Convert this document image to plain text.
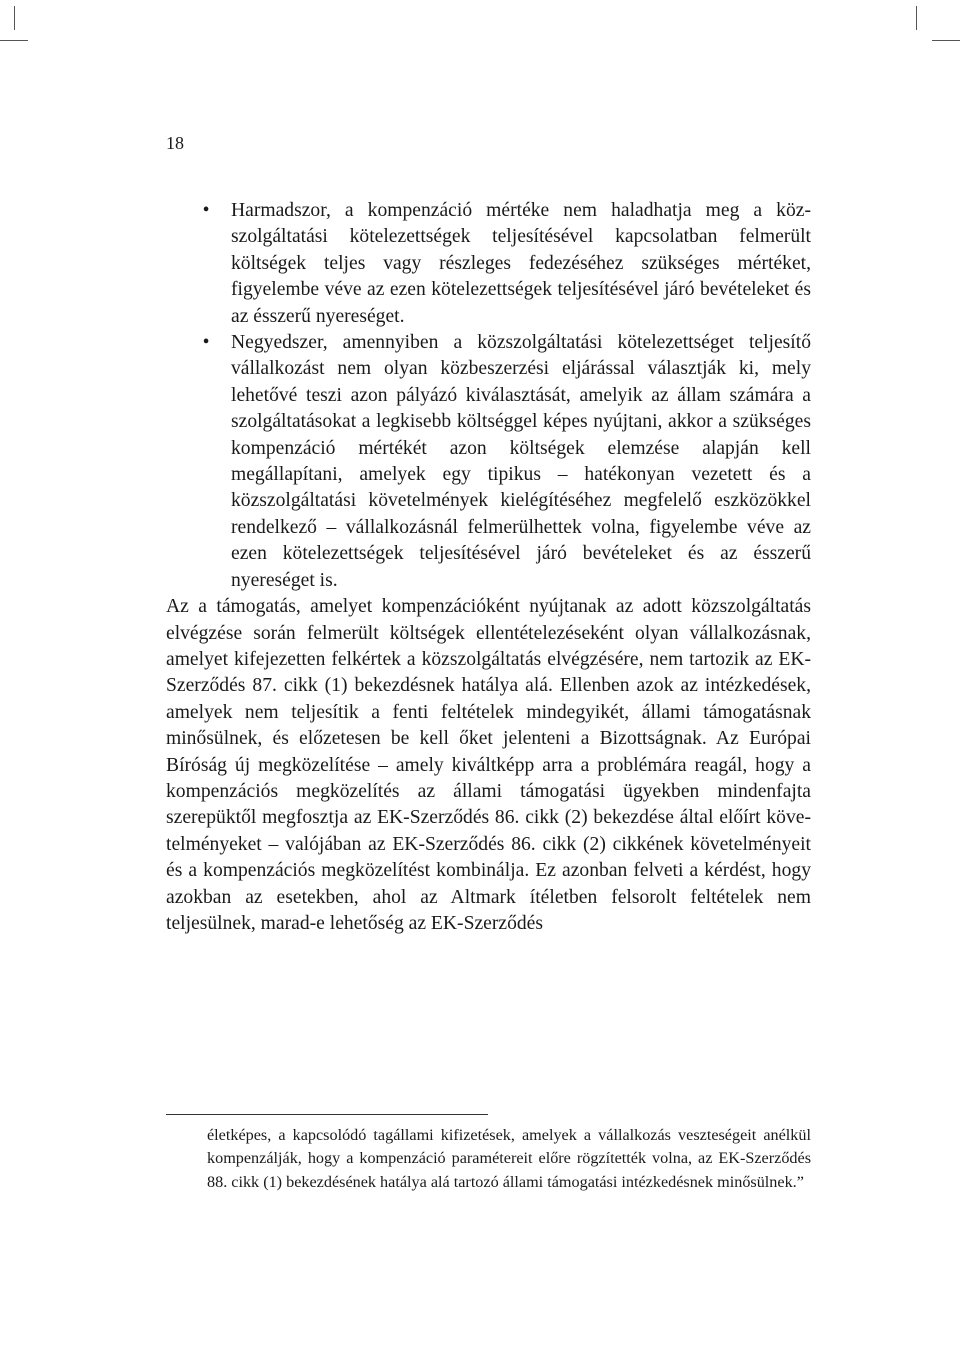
18
•	Harmadszor, a kompenzáció mértéke nem haladhatja meg a közszolgáltatási kötelezettségek teljesítésével kapcsolatban felmerült költségek teljes vagy részleges fedezéséhez szükséges mértéket, figyelembe véve az ezen kötelezettségek teljesítésével járó bevételeket és az ésszerű nyereséget.
•	Negyedszer, amennyiben a közszolgáltatási kötelezettséget teljesítő vállalkozást nem olyan közbeszerzési eljárással választják ki, mely lehetővé teszi azon pályázó kiválasztását, amelyik az állam számára a szolgáltatásokat a legkisebb költséggel képes nyújtani, akkor a szükséges kompenzáció mértékét azon költségek elemzése alapján kell megállapítani, amelyek egy tipikus – hatékonyan vezetett és a közszolgáltatási követelmények kielégítéséhez megfelelő eszközökkel rendelkező – vállalkozásnál felmerülhettek volna, figyelembe véve az ezen kötelezettségek teljesítésével járó bevételeket és az ésszerű nyereséget is.

Az a támogatás, amelyet kompenzációként nyújtanak az adott közszolgáltatás elvégzése során felmerült költségek ellentételezéseként olyan vállalkozásnak, amelyet kifejezetten felkértek a közszolgáltatás elvégzésére, nem tartozik az EK-Szerződés 87. cikk (1) bekezdésnek hatálya alá. Ellenben azok az intézkedések, amelyek nem teljesítik a fenti feltételek mindegyikét, állami támogatásnak minősülnek, és előzetesen be kell őket jelenteni a Bizottságnak. Az Európai Bíróság új megközelítése – amely kiváltképp arra a problémára reagál, hogy a kompenzációs megközelítés az állami támogatási ügyekben mindenfajta szerepüktől megfosztja az EK-Szerződés 86. cikk (2) bekezdése által előírt követelményeket – valójában az EK-Szerződés 86. cikk (2) cikkének követelményeit és a kompenzációs megközelítést kombinálja. Ez azonban felveti a kérdést, hogy azokban az esetekben, ahol az Altmark ítéletben felsorolt feltételek nem teljesülnek, marad-e lehetőség az EK-Szerződés

életképes, a kapcsolódó tagállami kifizetések, amelyek a vállalkozás veszteségeit anélkül kompenzálják, hogy a kompenzáció paramétereit előre rögzítették volna, az EK-Szerződés 88. cikk (1) bekezdésének hatálya alá tartozó állami támogatási intézkedésnek minősülnek.”
